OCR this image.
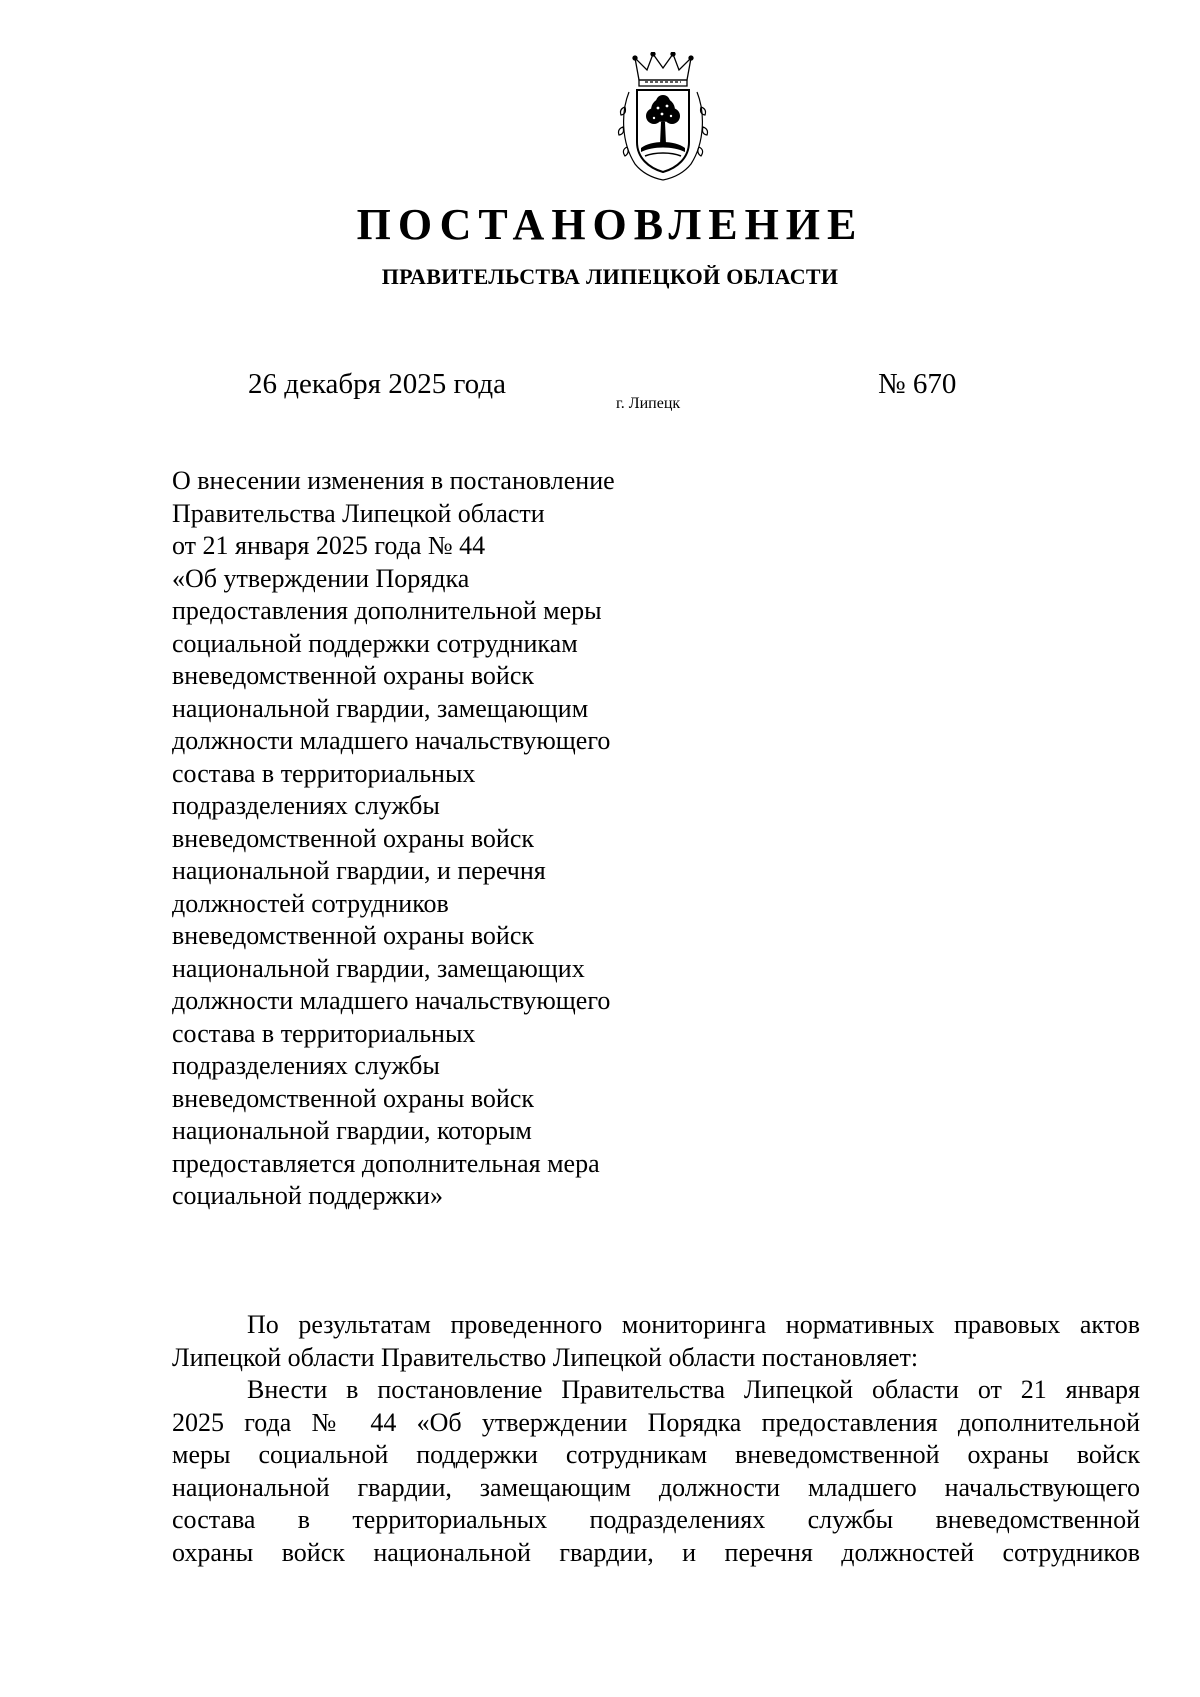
ПОСТАНОВЛЕНИЕ
ПРАВИТЕЛЬСТВА ЛИПЕЦКОЙ ОБЛАСТИ
26 декабря 2025 года
г. Липецк
№ 670
О внесении изменения в постановление
Правительства Липецкой области
от 21 января 2025 года № 44
«Об утверждении Порядка
предоставления дополнительной меры
социальной поддержки сотрудникам
вневедомственной охраны войск
национальной гвардии, замещающим
должности младшего начальствующего
состава в территориальных
подразделениях службы
вневедомственной охраны войск
национальной гвардии, и перечня
должностей сотрудников
вневедомственной охраны войск
национальной гвардии, замещающих
должности младшего начальствующего
состава в территориальных
подразделениях службы
вневедомственной охраны войск
национальной гвардии, которым
предоставляется дополнительная мера
социальной поддержки»
По результатам проведенного мониторинга нормативных правовых актов
Липецкой области Правительство Липецкой области постановляет:
Внести в постановление Правительства Липецкой области от 21 января
2025 года № 44 «Об утверждении Порядка предоставления дополнительной
меры социальной поддержки сотрудникам вневедомственной охраны войск
национальной гвардии, замещающим должности младшего начальствующего
состава в территориальных подразделениях службы вневедомственной
охраны войск национальной гвардии, и перечня должностей сотрудников
